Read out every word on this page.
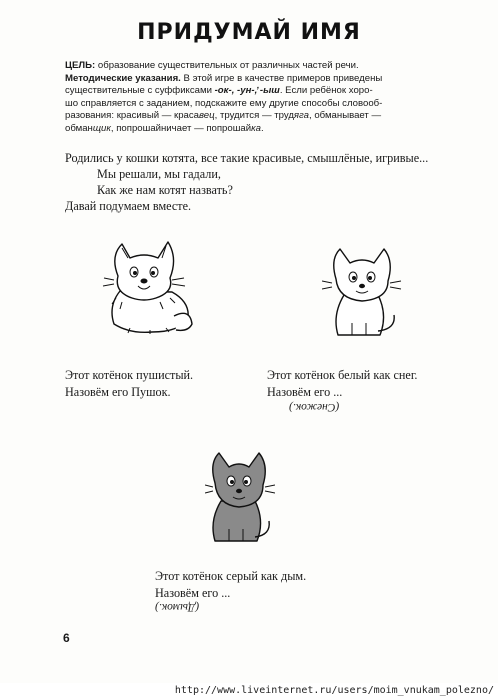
ПРИДУМАЙ ИМЯ
ЦЕЛЬ: образование существительных от различных частей речи.
Методические указания. В этой игре в качестве примеров приведены
существительные с суффиксами -ок-, -ун-,̓ -ыш. Если ребёнок хоро-
шо справляется с заданием, подскажите ему другие способы словооб-
разования: красивый — красавец, трудится — трудяга, обманывает —
обманщик, попрошайничает — попрошайка.
Родились у кошки котята, все такие красивые, смышлёные, игривые...
Мы решали, мы гадали,
Как же нам котят назвать?
Давай подумаем вместе.
Этот котёнок пушистый.
Назовём его Пушок.
Этот котёнок белый как снег.
Назовём его ...
(Снежок.)
Этот котёнок серый как дым.
Назовём его ...
(Дымок.)
6
http://www.liveinternet.ru/users/moim_vnukam_polezno/
